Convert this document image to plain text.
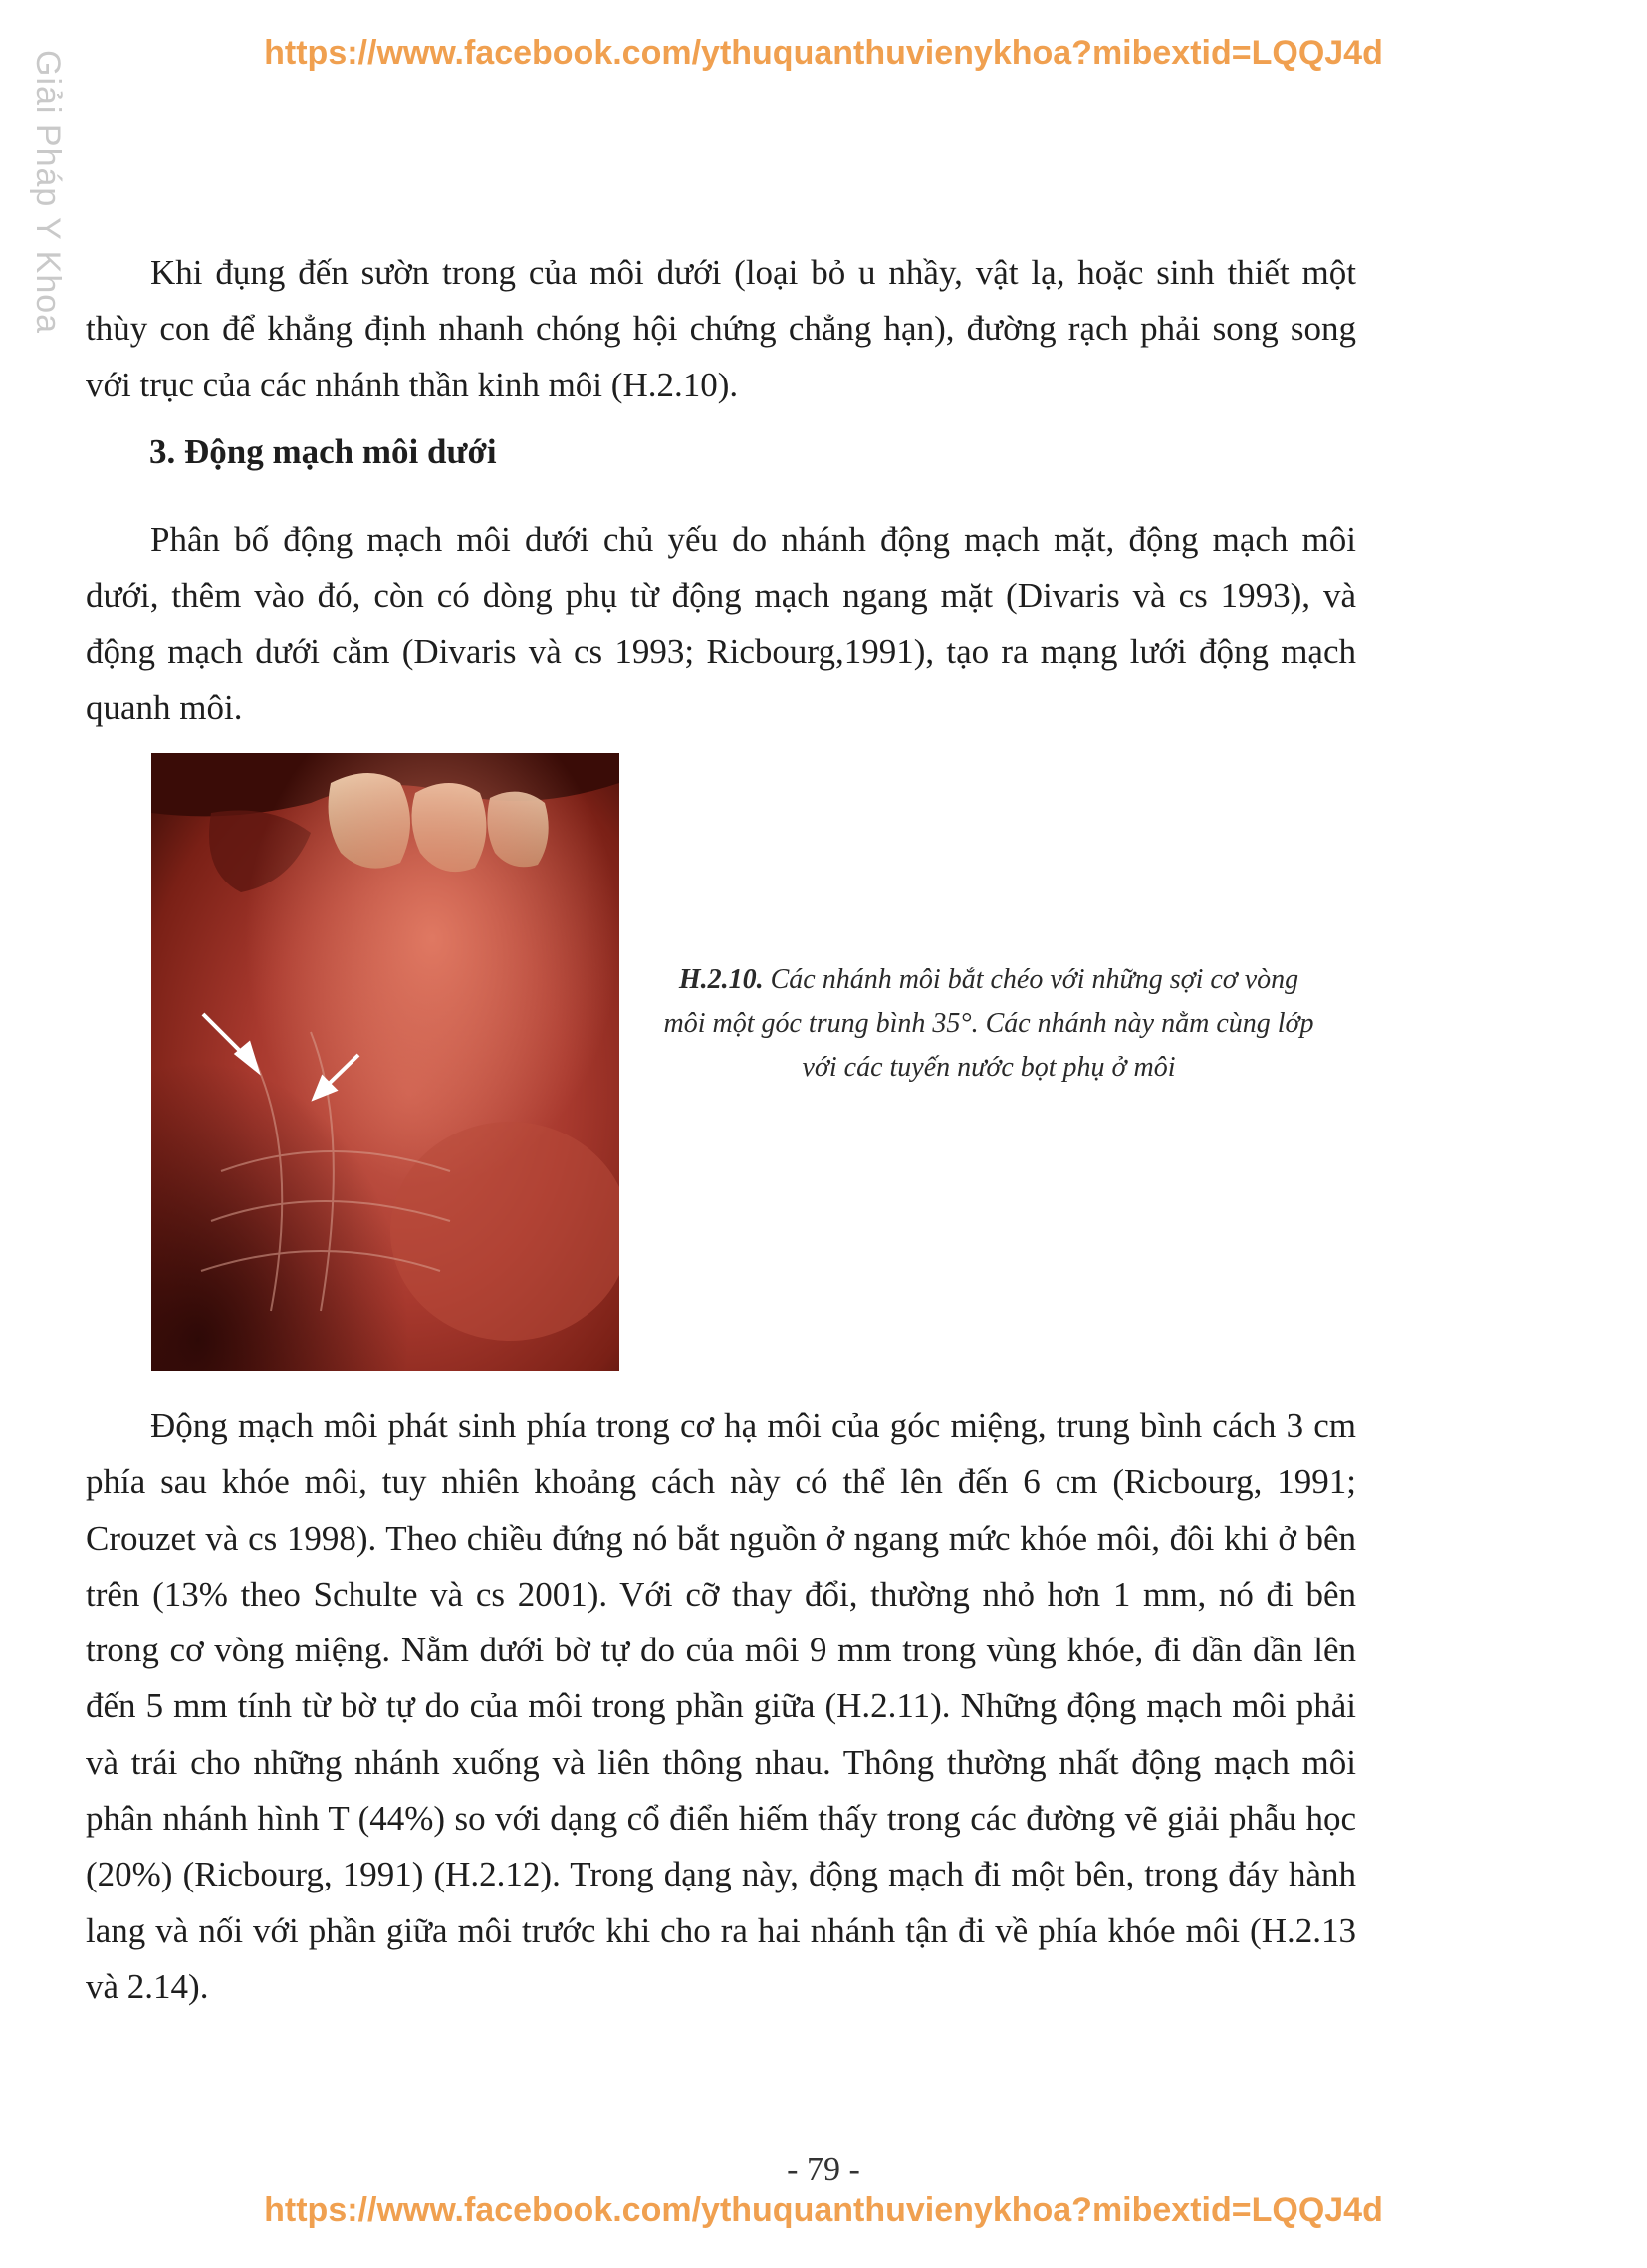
Giải Pháp Y Khoa	https://www.facebook.com/ythuquanthuvienykhoa?mibextid=LQQJ4d

Khi đụng đến sườn trong của môi dưới (loại bỏ u nhầy, vật lạ, hoặc sinh thiết một thùy con để khẳng định nhanh chóng hội chứng chẳng hạn), đường rạch phải song song với trục của các nhánh thần kinh môi (H.2.10).

3. Động mạch môi dưới

Phân bố động mạch môi dưới chủ yếu do nhánh động mạch mặt, động mạch môi dưới, thêm vào đó, còn có dòng phụ từ động mạch ngang mặt (Divaris và cs 1993), và động mạch dưới cằm (Divaris và cs 1993; Ricbourg,1991), tạo ra mạng lưới động mạch quanh môi.

H.2.10. Các nhánh môi bắt chéo với những sợi cơ vòng môi một góc trung bình 35°. Các nhánh này nằm cùng lớp với các tuyến nước bọt phụ ở môi

Động mạch môi phát sinh phía trong cơ hạ môi của góc miệng, trung bình cách 3 cm phía sau khóe môi, tuy nhiên khoảng cách này có thể lên đến 6 cm (Ricbourg, 1991; Crouzet và cs 1998). Theo chiều đứng nó bắt nguồn ở ngang mức khóe môi, đôi khi ở bên trên (13% theo Schulte và cs 2001). Với cỡ thay đổi, thường nhỏ hơn 1 mm, nó đi bên trong cơ vòng miệng. Nằm dưới bờ tự do của môi 9 mm trong vùng khóe, đi dần dần lên đến 5 mm tính từ bờ tự do của môi trong phần giữa (H.2.11). Những động mạch môi phải và trái cho những nhánh xuống và liên thông nhau. Thông thường nhất động mạch môi phân nhánh hình T (44%) so với dạng cổ điển hiếm thấy trong các đường vẽ giải phẫu học (20%) (Ricbourg, 1991) (H.2.12). Trong dạng này, động mạch đi một bên, trong đáy hành lang và nối với phần giữa môi trước khi cho ra hai nhánh tận đi về phía khóe môi (H.2.13 và 2.14).

- 79 -
https://www.facebook.com/ythuquanthuvienykhoa?mibextid=LQQJ4d
